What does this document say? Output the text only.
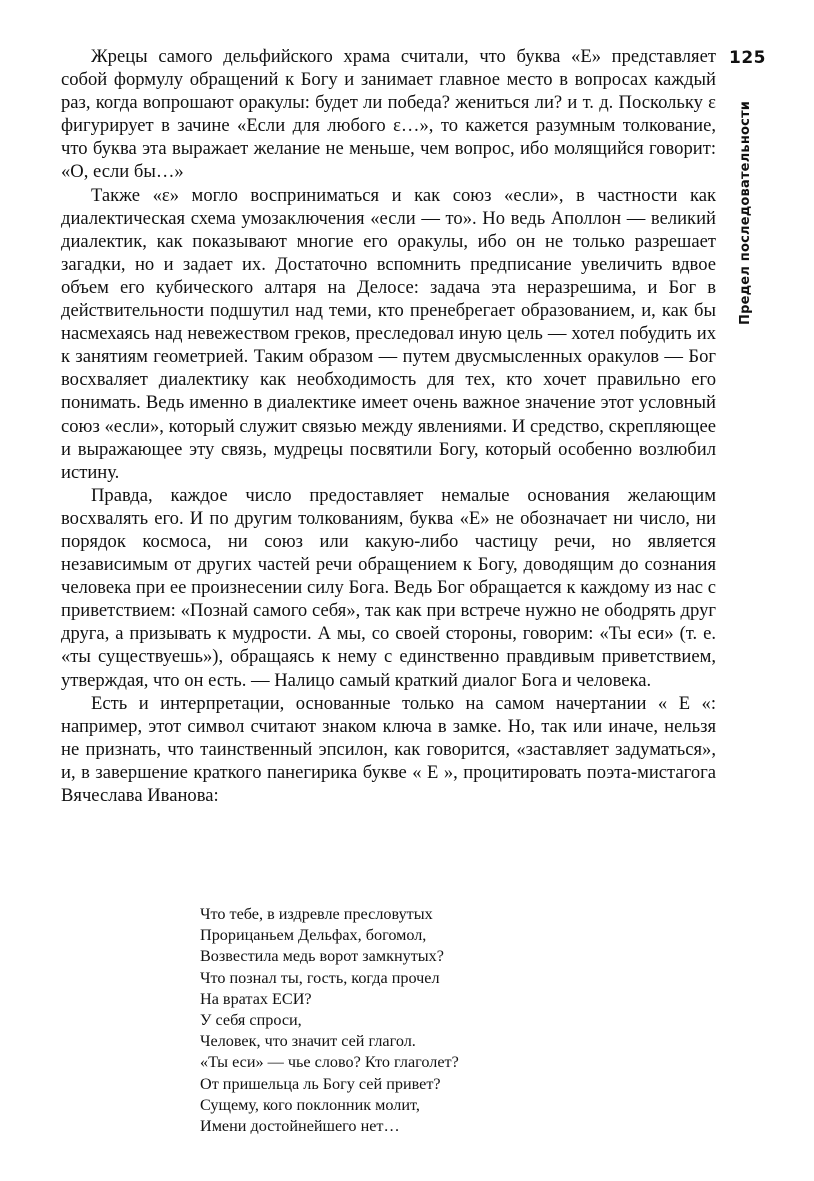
125
Предел последовательности

Жрецы самого дельфийского храма считали, что буква «E» представляет собой формулу обращений к Богу и занимает главное место в вопросах каждый раз, когда вопрошают оракулы: будет ли победа? жениться ли? и т. д. Поскольку ε фигурирует в зачине «Если для любого ε…», то кажется разумным толкование, что буква эта выражает желание не меньше, чем вопрос, ибо молящийся говорит: «О, если бы…»

Также «ε» могло восприниматься и как союз «если», в частности как диалектическая схема умозаключения «если — то». Но ведь Аполлон — великий диалектик, как показывают многие его оракулы, ибо он не только разрешает загадки, но и задает их. Достаточно вспомнить предписание увеличить вдвое объем его кубического алтаря на Делосе: задача эта неразрешима, и Бог в действительности подшутил над теми, кто пренебрегает образованием, и, как бы насмехаясь над невежеством греков, преследовал иную цель — хотел побудить их к занятиям геометрией. Таким образом — путем двусмысленных оракулов — Бог восхваляет диалектику как необходимость для тех, кто хочет правильно его понимать. Ведь именно в диалектике имеет очень важное значение этот условный союз «если», который служит связью между явлениями. И средство, скрепляющее и выражающее эту связь, мудрецы посвятили Богу, который особенно возлюбил истину.

Правда, каждое число предоставляет немалые основания желающим восхвалять его. И по другим толкованиям, буква «E» не обозначает ни число, ни порядок космоса, ни союз или какую-либо частицу речи, но является независимым от других частей речи обращением к Богу, доводящим до сознания человека при ее произнесении силу Бога. Ведь Бог обращается к каждому из нас с приветствием: «Познай самого себя», так как при встрече нужно не ободрять друг друга, а призывать к мудрости. А мы, со своей стороны, говорим: «Ты еси» (т. е. «ты существуешь»), обращаясь к нему с единственно правдивым приветствием, утверждая, что он есть. — Налицо самый краткий диалог Бога и человека.

Есть и интерпретации, основанные только на самом начертании « E «: например, этот символ считают знаком ключа в замке. Но, так или иначе, нельзя не признать, что таинственный эпсилон, как говорится, «заставляет задуматься», и, в завершение краткого панегирика букве « E », процитировать поэта-мистагога Вячеслава Иванова:

Что тебе, в издревле пресловутых
Прорицаньем Дельфах, богомол,
Возвестила медь ворот замкнутых?
Что познал ты, гость, когда прочел
На вратах ЕСИ?
У себя спроси,
Человек, что значит сей глагол.
«Ты еси» — чье слово? Кто глаголет?
От пришельца ль Богу сей привет?
Сущему, кого поклонник молит,
Имени достойнейшего нет…
